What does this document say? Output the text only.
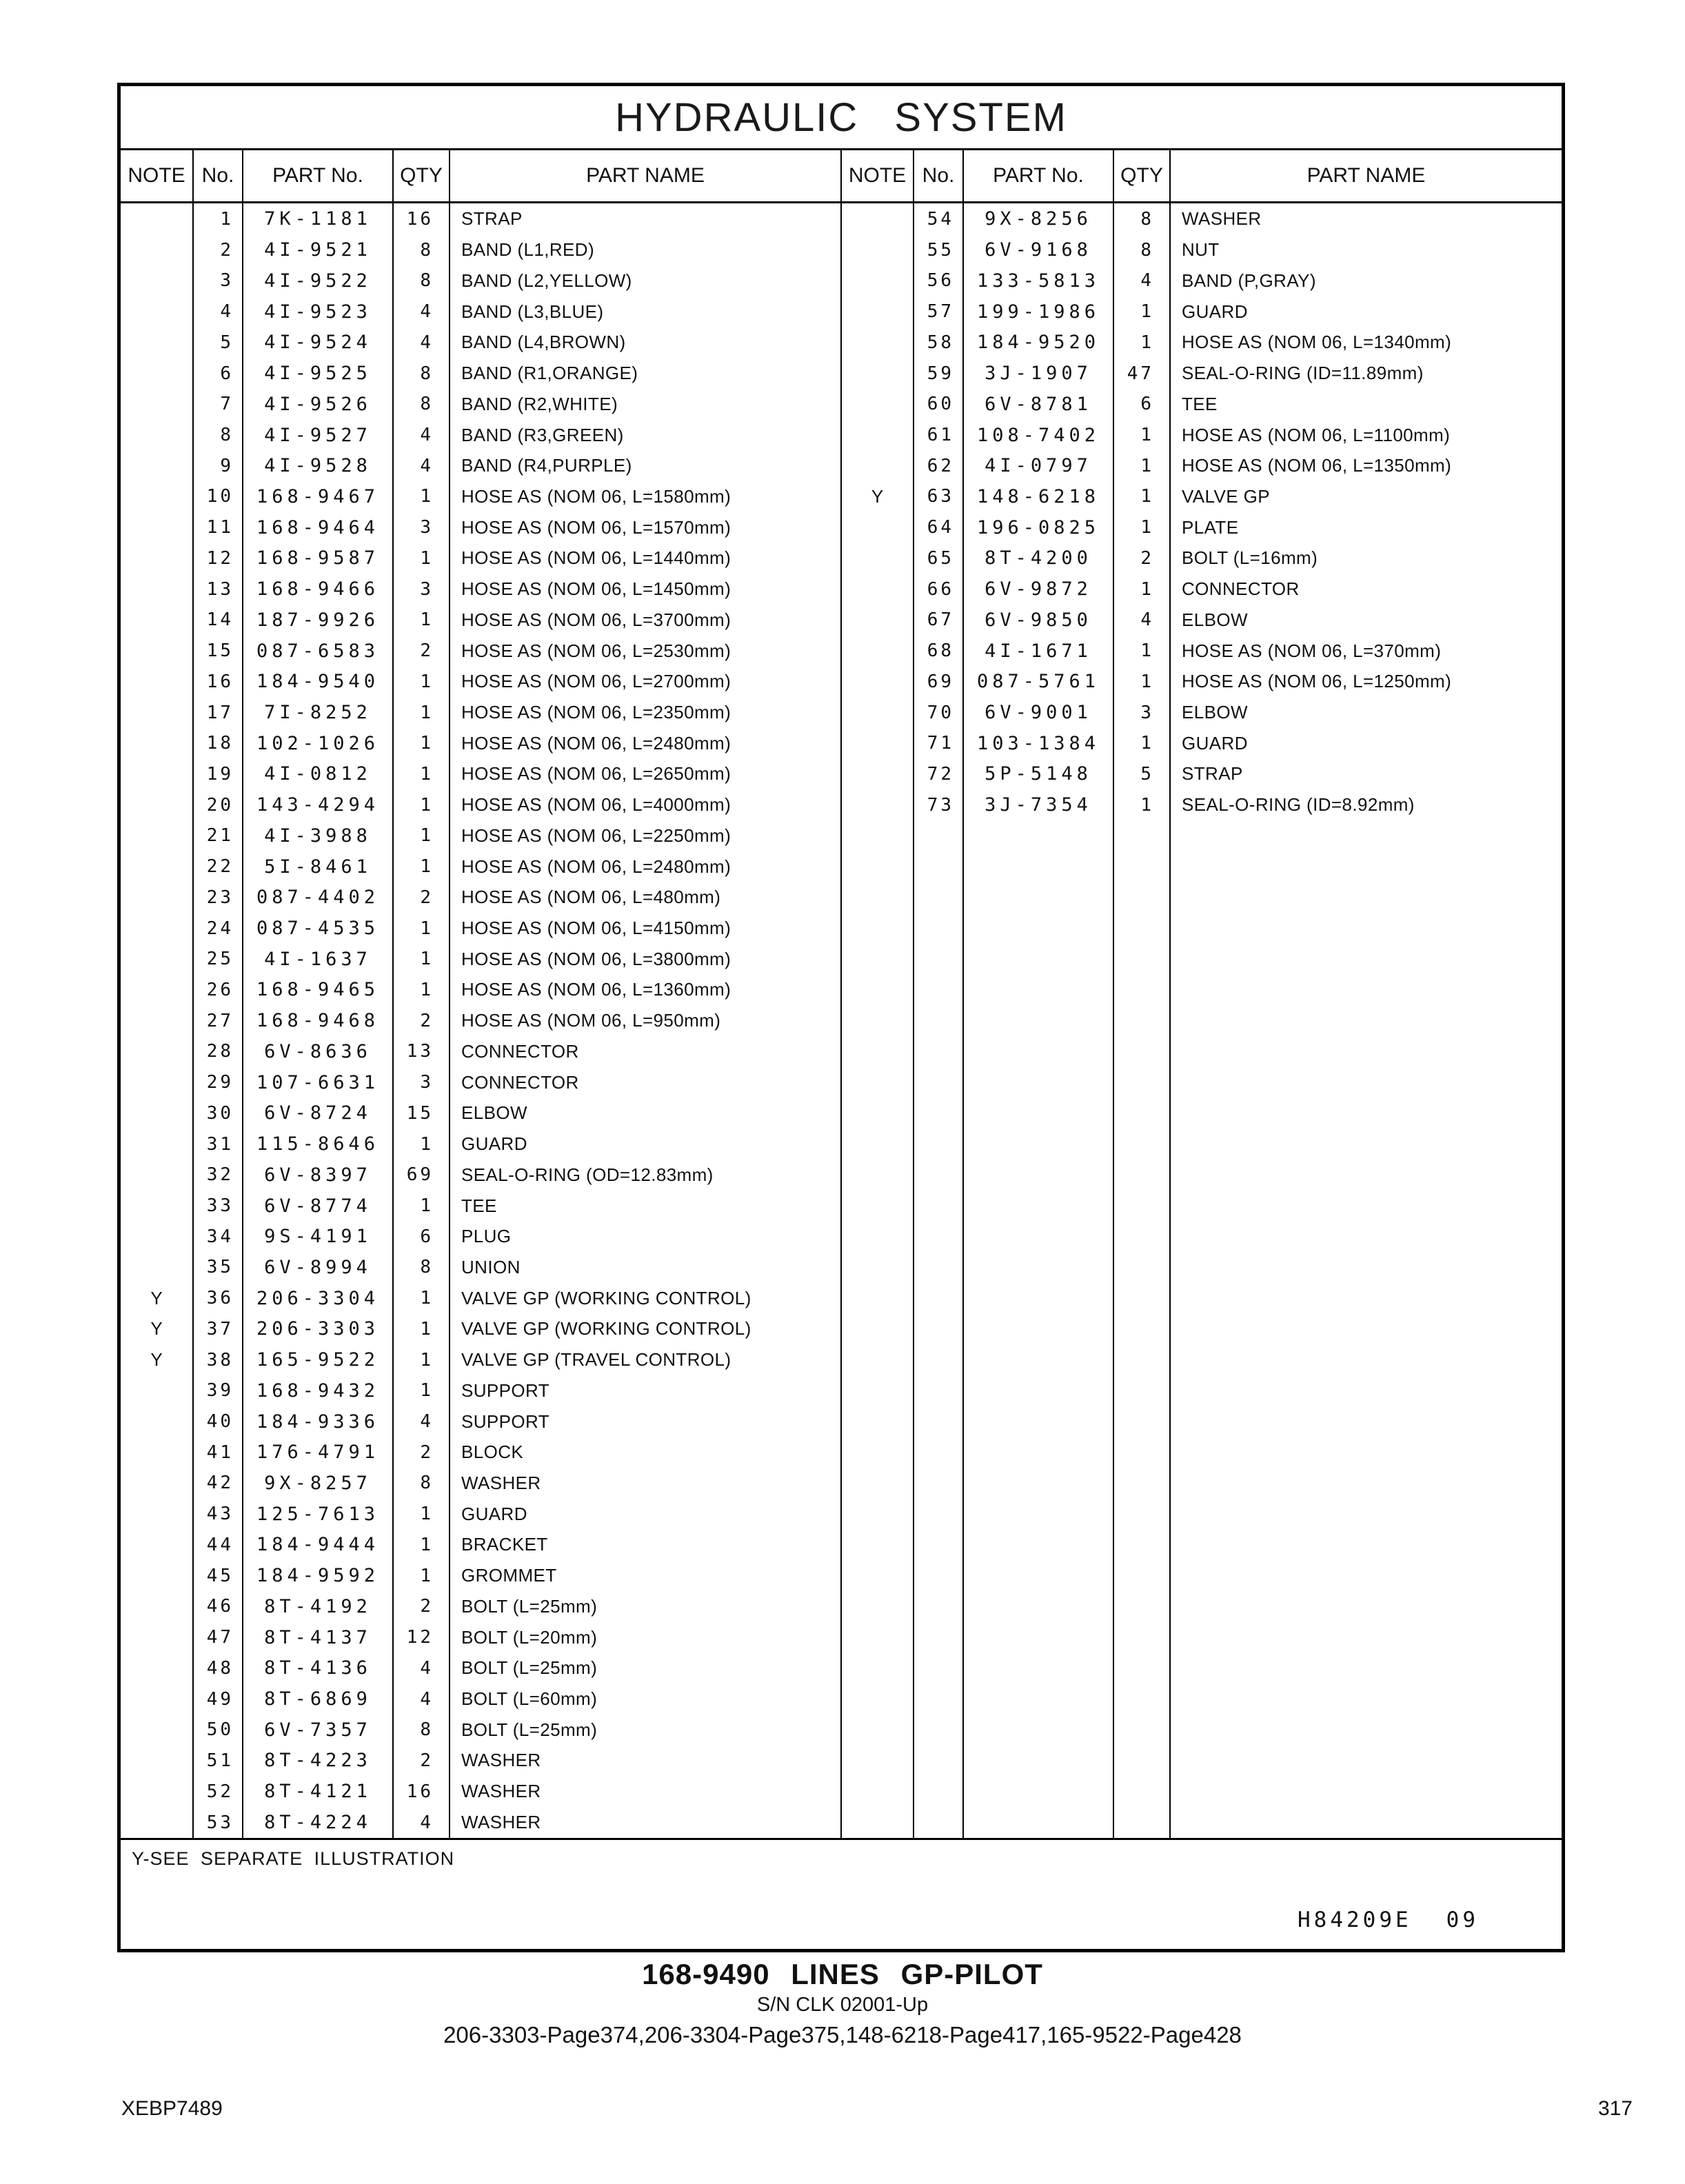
HYDRAULIC SYSTEM
NOTE	No.	PART No.	QTY	PART NAME	NOTE	No.	PART No.	QTY	PART NAME
	1	7K-1181	16	STRAP		54	9X-8256	8	WASHER
	2	4I-9521	8	BAND (L1,RED)		55	6V-9168	8	NUT
	3	4I-9522	8	BAND (L2,YELLOW)		56	133-5813	4	BAND (P,GRAY)
	4	4I-9523	4	BAND (L3,BLUE)		57	199-1986	1	GUARD
	5	4I-9524	4	BAND (L4,BROWN)		58	184-9520	1	HOSE AS (NOM 06, L=1340mm)
	6	4I-9525	8	BAND (R1,ORANGE)		59	3J-1907	47	SEAL-O-RING (ID=11.89mm)
	7	4I-9526	8	BAND (R2,WHITE)		60	6V-8781	6	TEE
	8	4I-9527	4	BAND (R3,GREEN)		61	108-7402	1	HOSE AS (NOM 06, L=1100mm)
	9	4I-9528	4	BAND (R4,PURPLE)		62	4I-0797	1	HOSE AS (NOM 06, L=1350mm)
	10	168-9467	1	HOSE AS (NOM 06, L=1580mm)	Y	63	148-6218	1	VALVE GP
	11	168-9464	3	HOSE AS (NOM 06, L=1570mm)		64	196-0825	1	PLATE
	12	168-9587	1	HOSE AS (NOM 06, L=1440mm)		65	8T-4200	2	BOLT (L=16mm)
	13	168-9466	3	HOSE AS (NOM 06, L=1450mm)		66	6V-9872	1	CONNECTOR
	14	187-9926	1	HOSE AS (NOM 06, L=3700mm)		67	6V-9850	4	ELBOW
	15	087-6583	2	HOSE AS (NOM 06, L=2530mm)		68	4I-1671	1	HOSE AS (NOM 06, L=370mm)
	16	184-9540	1	HOSE AS (NOM 06, L=2700mm)		69	087-5761	1	HOSE AS (NOM 06, L=1250mm)
	17	7I-8252	1	HOSE AS (NOM 06, L=2350mm)		70	6V-9001	3	ELBOW
	18	102-1026	1	HOSE AS (NOM 06, L=2480mm)		71	103-1384	1	GUARD
	19	4I-0812	1	HOSE AS (NOM 06, L=2650mm)		72	5P-5148	5	STRAP
	20	143-4294	1	HOSE AS (NOM 06, L=4000mm)		73	3J-7354	1	SEAL-O-RING (ID=8.92mm)
	21	4I-3988	1	HOSE AS (NOM 06, L=2250mm)					
	22	5I-8461	1	HOSE AS (NOM 06, L=2480mm)					
	23	087-4402	2	HOSE AS (NOM 06, L=480mm)					
	24	087-4535	1	HOSE AS (NOM 06, L=4150mm)					
	25	4I-1637	1	HOSE AS (NOM 06, L=3800mm)					
	26	168-9465	1	HOSE AS (NOM 06, L=1360mm)					
	27	168-9468	2	HOSE AS (NOM 06, L=950mm)					
	28	6V-8636	13	CONNECTOR					
	29	107-6631	3	CONNECTOR					
	30	6V-8724	15	ELBOW					
	31	115-8646	1	GUARD					
	32	6V-8397	69	SEAL-O-RING (OD=12.83mm)					
	33	6V-8774	1	TEE					
	34	9S-4191	6	PLUG					
	35	6V-8994	8	UNION					
Y	36	206-3304	1	VALVE GP (WORKING CONTROL)					
Y	37	206-3303	1	VALVE GP (WORKING CONTROL)					
Y	38	165-9522	1	VALVE GP (TRAVEL CONTROL)					
	39	168-9432	1	SUPPORT					
	40	184-9336	4	SUPPORT					
	41	176-4791	2	BLOCK					
	42	9X-8257	8	WASHER					
	43	125-7613	1	GUARD					
	44	184-9444	1	BRACKET					
	45	184-9592	1	GROMMET					
	46	8T-4192	2	BOLT (L=25mm)					
	47	8T-4137	12	BOLT (L=20mm)					
	48	8T-4136	4	BOLT (L=25mm)					
	49	8T-6869	4	BOLT (L=60mm)					
	50	6V-7357	8	BOLT (L=25mm)					
	51	8T-4223	2	WASHER					
	52	8T-4121	16	WASHER					
	53	8T-4224	4	WASHER					
Y-SEE SEPARATE ILLUSTRATION
H84209E 09
168-9490 LINES GP-PILOT
S/N CLK 02001-Up
206-3303-Page374,206-3304-Page375,148-6218-Page417,165-9522-Page428
XEBP7489	317
